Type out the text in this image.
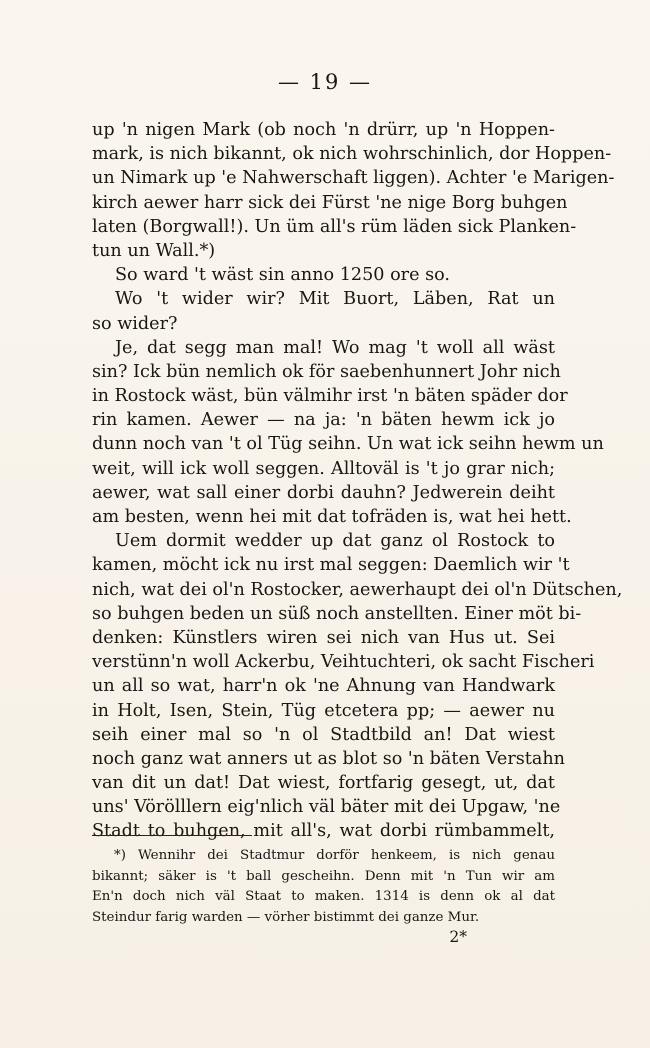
— 19 —
up 'n nigen Mark (ob noch 'n drürr, up 'n Hoppen-
mark, is nich bikannt, ok nich wohrschinlich, dor Hoppen-
un Nimark up 'e Nahwerschaft liggen). Achter 'e Marigen-
kirch aewer harr sick dei Fürst 'ne nige Borg buhgen
laten (Borgwall!). Un üm all's rüm läden sick Planken-
tun un Wall.*)
So ward 't wäst sin anno 1250 ore so.
Wo 't wider wir? Mit Buort, Läben, Rat un
so wider?
Je, dat segg man mal! Wo mag 't woll all wäst
sin? Ick bün nemlich ok för saebenhunnert Johr nich
in Rostock wäst, bün välmihr irst 'n bäten späder dor
rin kamen. Aewer — na ja: 'n bäten hewm ick jo
dunn noch van 't ol Tüg seihn. Un wat ick seihn hewm un
weit, will ick woll seggen. Alltoväl is 't jo grar nich;
aewer, wat sall einer dorbi dauhn? Jedwerein deiht
am besten, wenn hei mit dat tofräden is, wat hei hett.
Uem dormit wedder up dat ganz ol Rostock to
kamen, möcht ick nu irst mal seggen: Daemlich wir 't
nich, wat dei ol'n Rostocker, aewerhaupt dei ol'n Dütschen,
so buhgen beden un süß noch anstellten. Einer möt bi-
denken: Künstlers wiren sei nich van Hus ut. Sei
verstünn'n woll Ackerbu, Veihtuchteri, ok sacht Fischeri
un all so wat, harr'n ok 'ne Ahnung van Handwark
in Holt, Isen, Stein, Tüg etcetera pp; — aewer nu
seih einer mal so 'n ol Stadtbild an! Dat wiest
noch ganz wat anners ut as blot so 'n bäten Verstahn
van dit un dat! Dat wiest, fortfarig gesegt, ut, dat
uns' Vörölllern eig'nlich väl bäter mit dei Upgaw, 'ne
Stadt to buhgen, mit all's, wat dorbi rümbammelt,
*) Wennihr dei Stadtmur dorför henkeem, is nich genau
bikannt; säker is 't ball gescheihn. Denn mit 'n Tun wir am
En'n doch nich väl Staat to maken. 1314 is denn ok al dat
Steindur farig warden — vörher bistimmt dei ganze Mur.
2*
